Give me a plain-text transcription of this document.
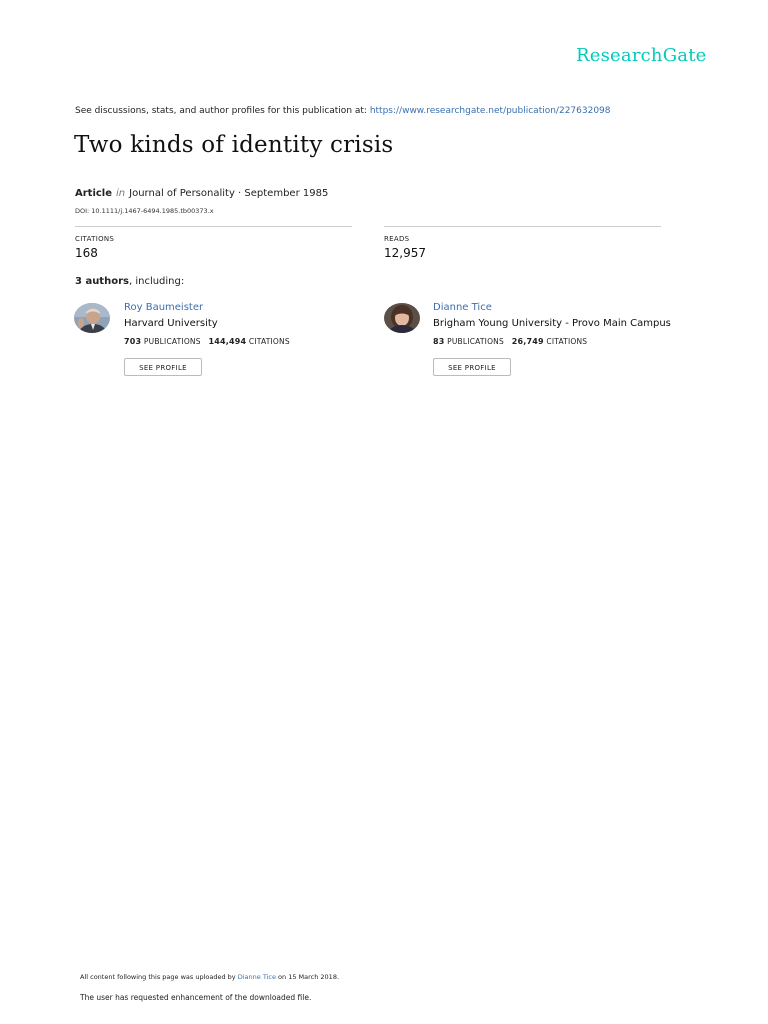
ResearchGate
See discussions, stats, and author profiles for this publication at: https://www.researchgate.net/publication/227632098
Two kinds of identity crisis
Article in Journal of Personality · September 1985
DOI: 10.1111/j.1467-6494.1985.tb00373.x
CITATIONS
168
READS
12,957
3 authors, including:
Roy Baumeister
Harvard University
703 PUBLICATIONS 144,494 CITATIONS
SEE PROFILE
Dianne Tice
Brigham Young University - Provo Main Campus
83 PUBLICATIONS 26,749 CITATIONS
SEE PROFILE
All content following this page was uploaded by Dianne Tice on 15 March 2018.
The user has requested enhancement of the downloaded file.
